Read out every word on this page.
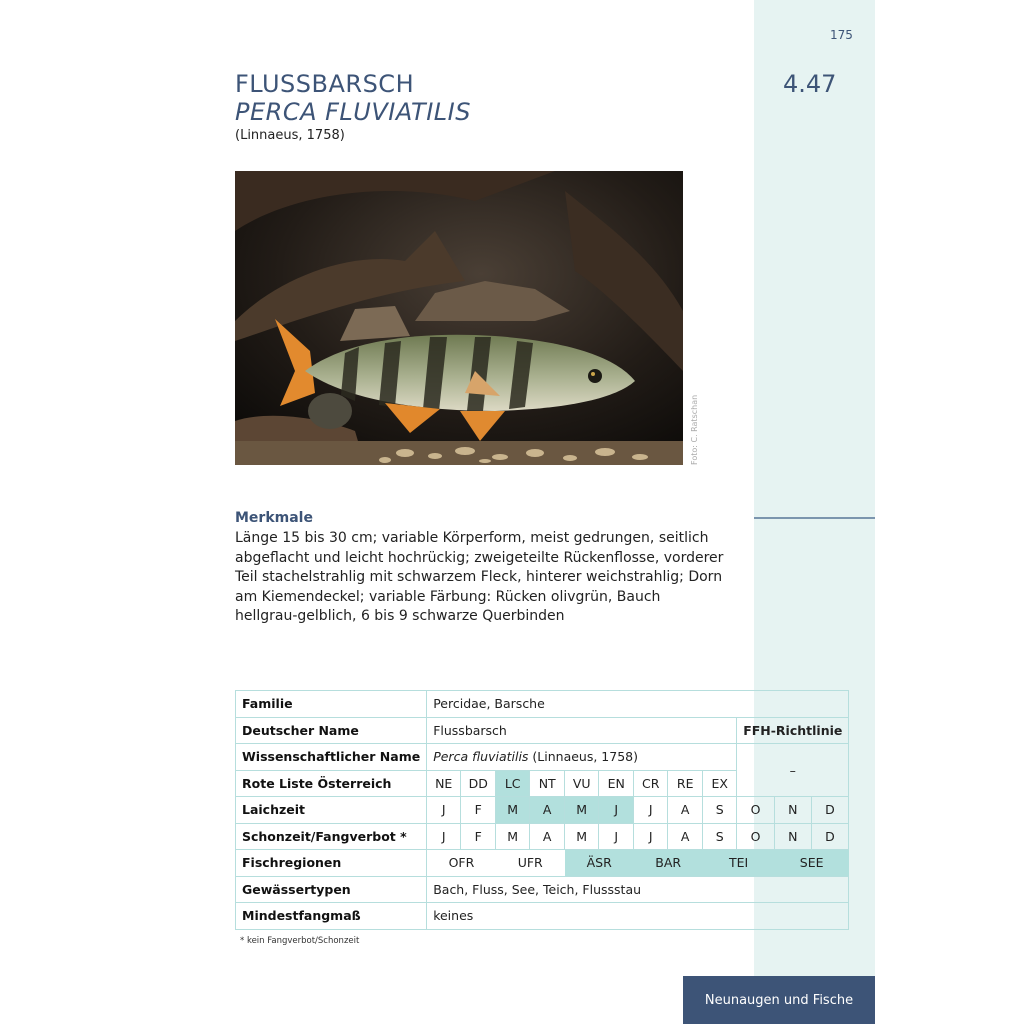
175
4.47
FLUSSBARSCH
PERCA FLUVIATILIS
(Linnaeus, 1758)
Foto: C. Ratschan
Merkmale
Länge 15 bis 30 cm; variable Körperform, meist gedrungen, seitlich abgeflacht und leicht hochrückig; zweigeteilte Rückenflosse, vorderer Teil stachelstrahlig mit schwarzem Fleck, hinterer weichstrahlig; Dorn am Kiemendeckel; variable Färbung: Rücken olivgrün, Bauch hellgrau-gelblich, 6 bis 9 schwarze Querbinden
Familie	Percidae, Barsche											
Deutscher Name	Flussbarsch									FFH-Richtlinie		
Wissenschaftlicher Name	Perca fluviatilis (Linnaeus, 1758)									–		
Rote Liste Österreich	NE	DD	LC	NT	VU	EN	CR	RE	EX			
Laichzeit	J	F	M	A	M	J	J	A	S	O	N	D
Schonzeit/Fangverbot *	J	F	M	A	M	J	J	A	S	O	N	D
Fischregionen	OFR		UFR		ÄSR		BAR		TEI		SEE	
Gewässertypen	Bach, Fluss, See, Teich, Flussstau											
Mindestfangmaß	keines											
* kein Fangverbot/Schonzeit
Neunaugen und Fische
